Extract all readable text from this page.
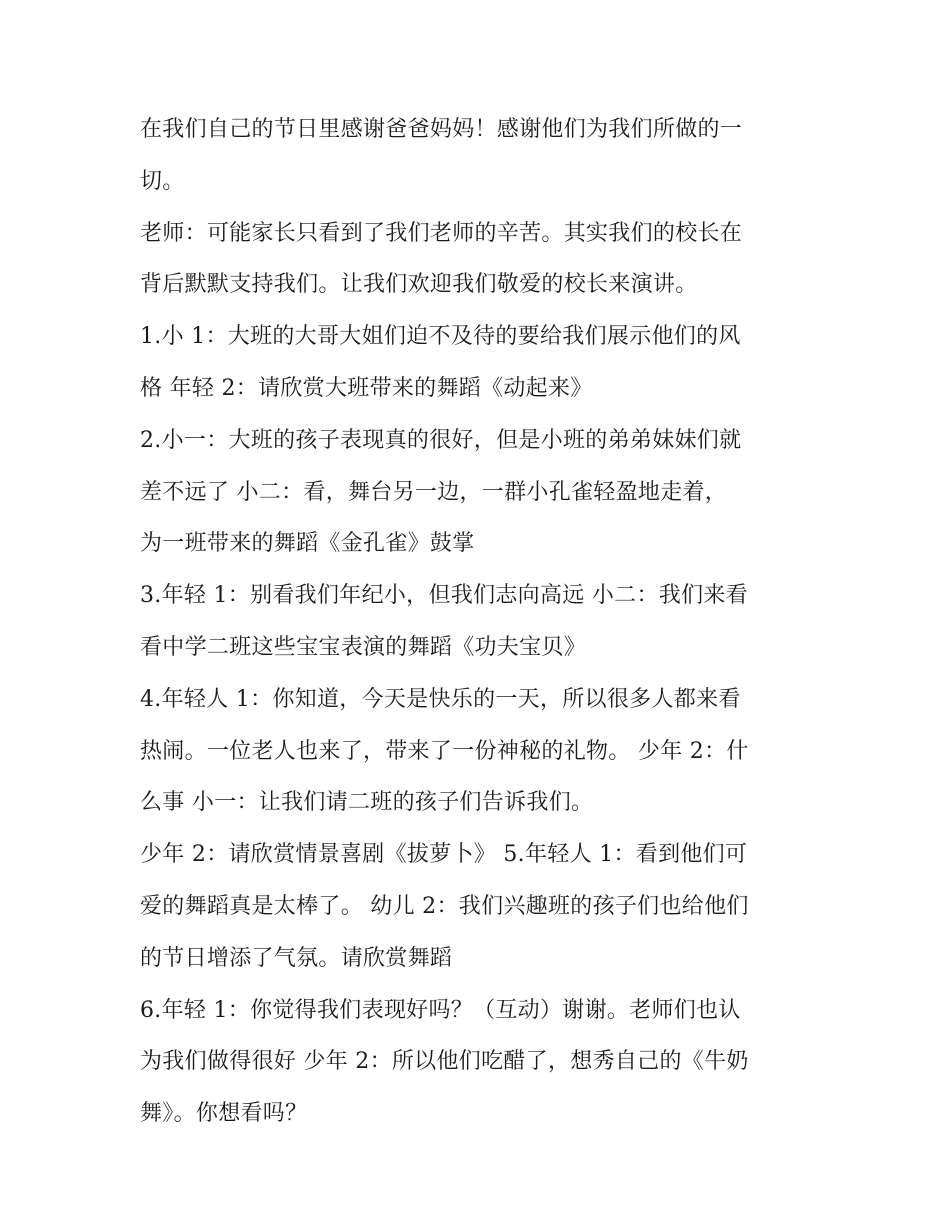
在我们自己的节日里感谢爸爸妈妈！感谢他们为我们所做的一
切。
老师：可能家长只看到了我们老师的辛苦。其实我们的校长在
背后默默支持我们。让我们欢迎我们敬爱的校长来演讲。
1.小 1：大班的大哥大姐们迫不及待的要给我们展示他们的风
格 年轻 2：请欣赏大班带来的舞蹈《动起来》
2.小一：大班的孩子表现真的很好，但是小班的弟弟妹妹们就
差不远了 小二：看，舞台另一边，一群小孔雀轻盈地走着，
为一班带来的舞蹈《金孔雀》鼓掌
3.年轻 1：别看我们年纪小，但我们志向高远 小二：我们来看
看中学二班这些宝宝表演的舞蹈《功夫宝贝》
4.年轻人 1：你知道，今天是快乐的一天，所以很多人都来看
热闹。一位老人也来了，带来了一份神秘的礼物。 少年 2：什
么事 小一：让我们请二班的孩子们告诉我们。
少年 2：请欣赏情景喜剧《拔萝卜》 5.年轻人 1：看到他们可
爱的舞蹈真是太棒了。 幼儿 2：我们兴趣班的孩子们也给他们
的节日增添了气氛。请欣赏舞蹈
6.年轻 1：你觉得我们表现好吗？（互动）谢谢。老师们也认
为我们做得很好 少年 2：所以他们吃醋了，想秀自己的《牛奶
舞》。你想看吗？
